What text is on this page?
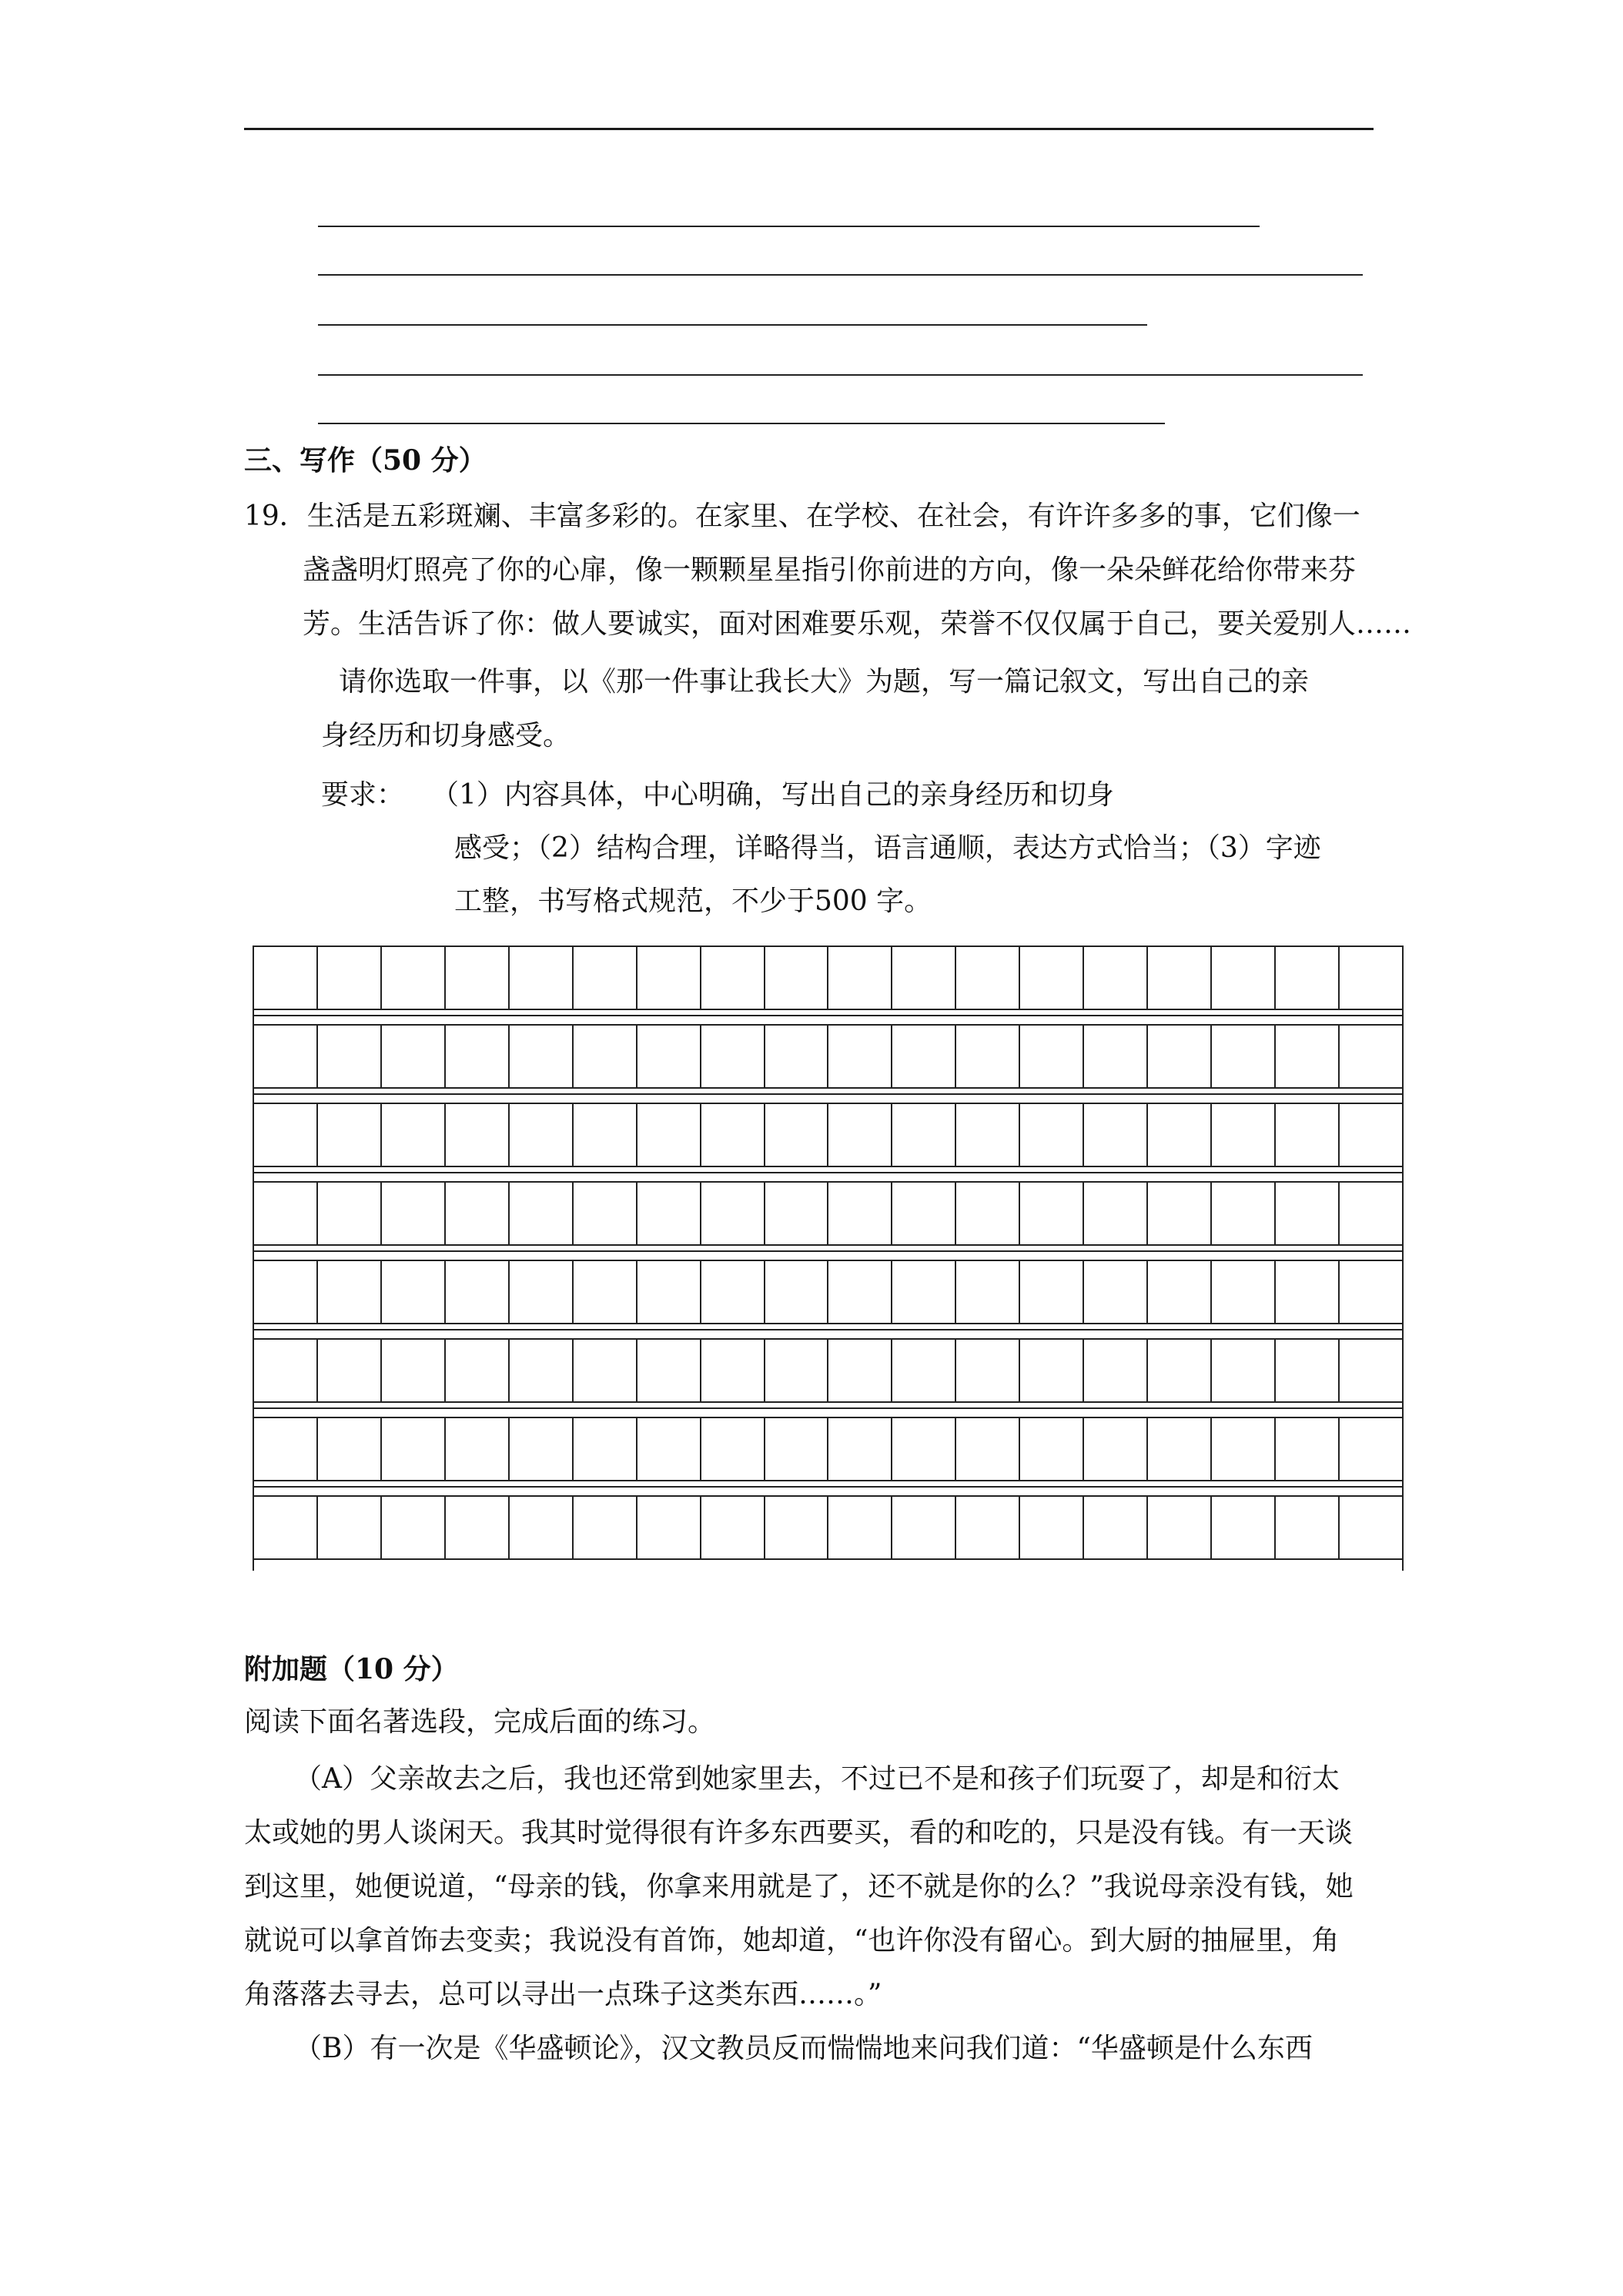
三、写作（50 分）
19．生活是五彩斑斓、丰富多彩的。在家里、在学校、在社会，有许许多多的事，它们像一
盏盏明灯照亮了你的心扉，像一颗颗星星指引你前进的方向，像一朵朵鲜花给你带来芬
芳。生活告诉了你：做人要诚实，面对困难要乐观，荣誉不仅仅属于自己，要关爱别人……
请你选取一件事，以《那一件事让我长大》为题，写一篇记叙文，写出自己的亲
身经历和切身感受。
要求： （1）内容具体，中心明确，写出自己的亲身经历和切身
感受；（2）结构合理，详略得当，语言通顺，表达方式恰当；（3）字迹
工整，书写格式规范，不少于500 字。
附加题（10 分）
阅读下面名著选段，完成后面的练习。
（A）父亲故去之后，我也还常到她家里去，不过已不是和孩子们玩耍了，却是和衍太
太或她的男人谈闲天。我其时觉得很有许多东西要买，看的和吃的，只是没有钱。有一天谈
到这里，她便说道，“母亲的钱，你拿来用就是了，还不就是你的么？”我说母亲没有钱，她
就说可以拿首饰去变卖；我说没有首饰，她却道，“也许你没有留心。到大厨的抽屉里，角
角落落去寻去，总可以寻出一点珠子这类东西……。”
（B）有一次是《华盛顿论》，汉文教员反而惴惴地来问我们道：“华盛顿是什么东西
